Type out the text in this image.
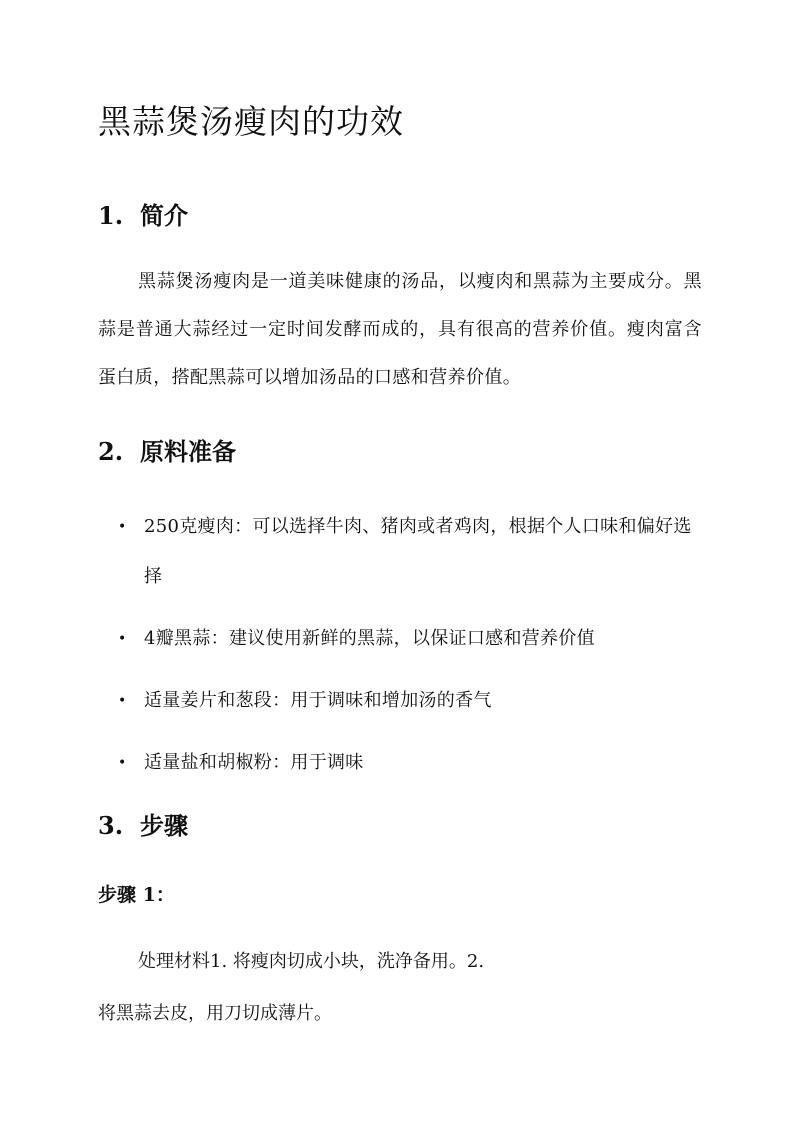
黑蒜煲汤瘦肉的功效
1. 简介

黑蒜煲汤瘦肉是一道美味健康的汤品，以瘦肉和黑蒜为主要成分。黑蒜是普通大蒜经过一定时间发酵而成的，具有很高的营养价值。瘦肉富含蛋白质，搭配黑蒜可以增加汤品的口感和营养价值。

2. 原料准备
• 250克瘦肉：可以选择牛肉、猪肉或者鸡肉，根据个人口味和偏好选择
• 4瓣黑蒜：建议使用新鲜的黑蒜，以保证口感和营养价值
• 适量姜片和葱段：用于调味和增加汤的香气
• 适量盐和胡椒粉：用于调味
3. 步骤
步骤 1：

处理材料1. 将瘦肉切成小块，洗净备用。2.
将黑蒜去皮，用刀切成薄片。
